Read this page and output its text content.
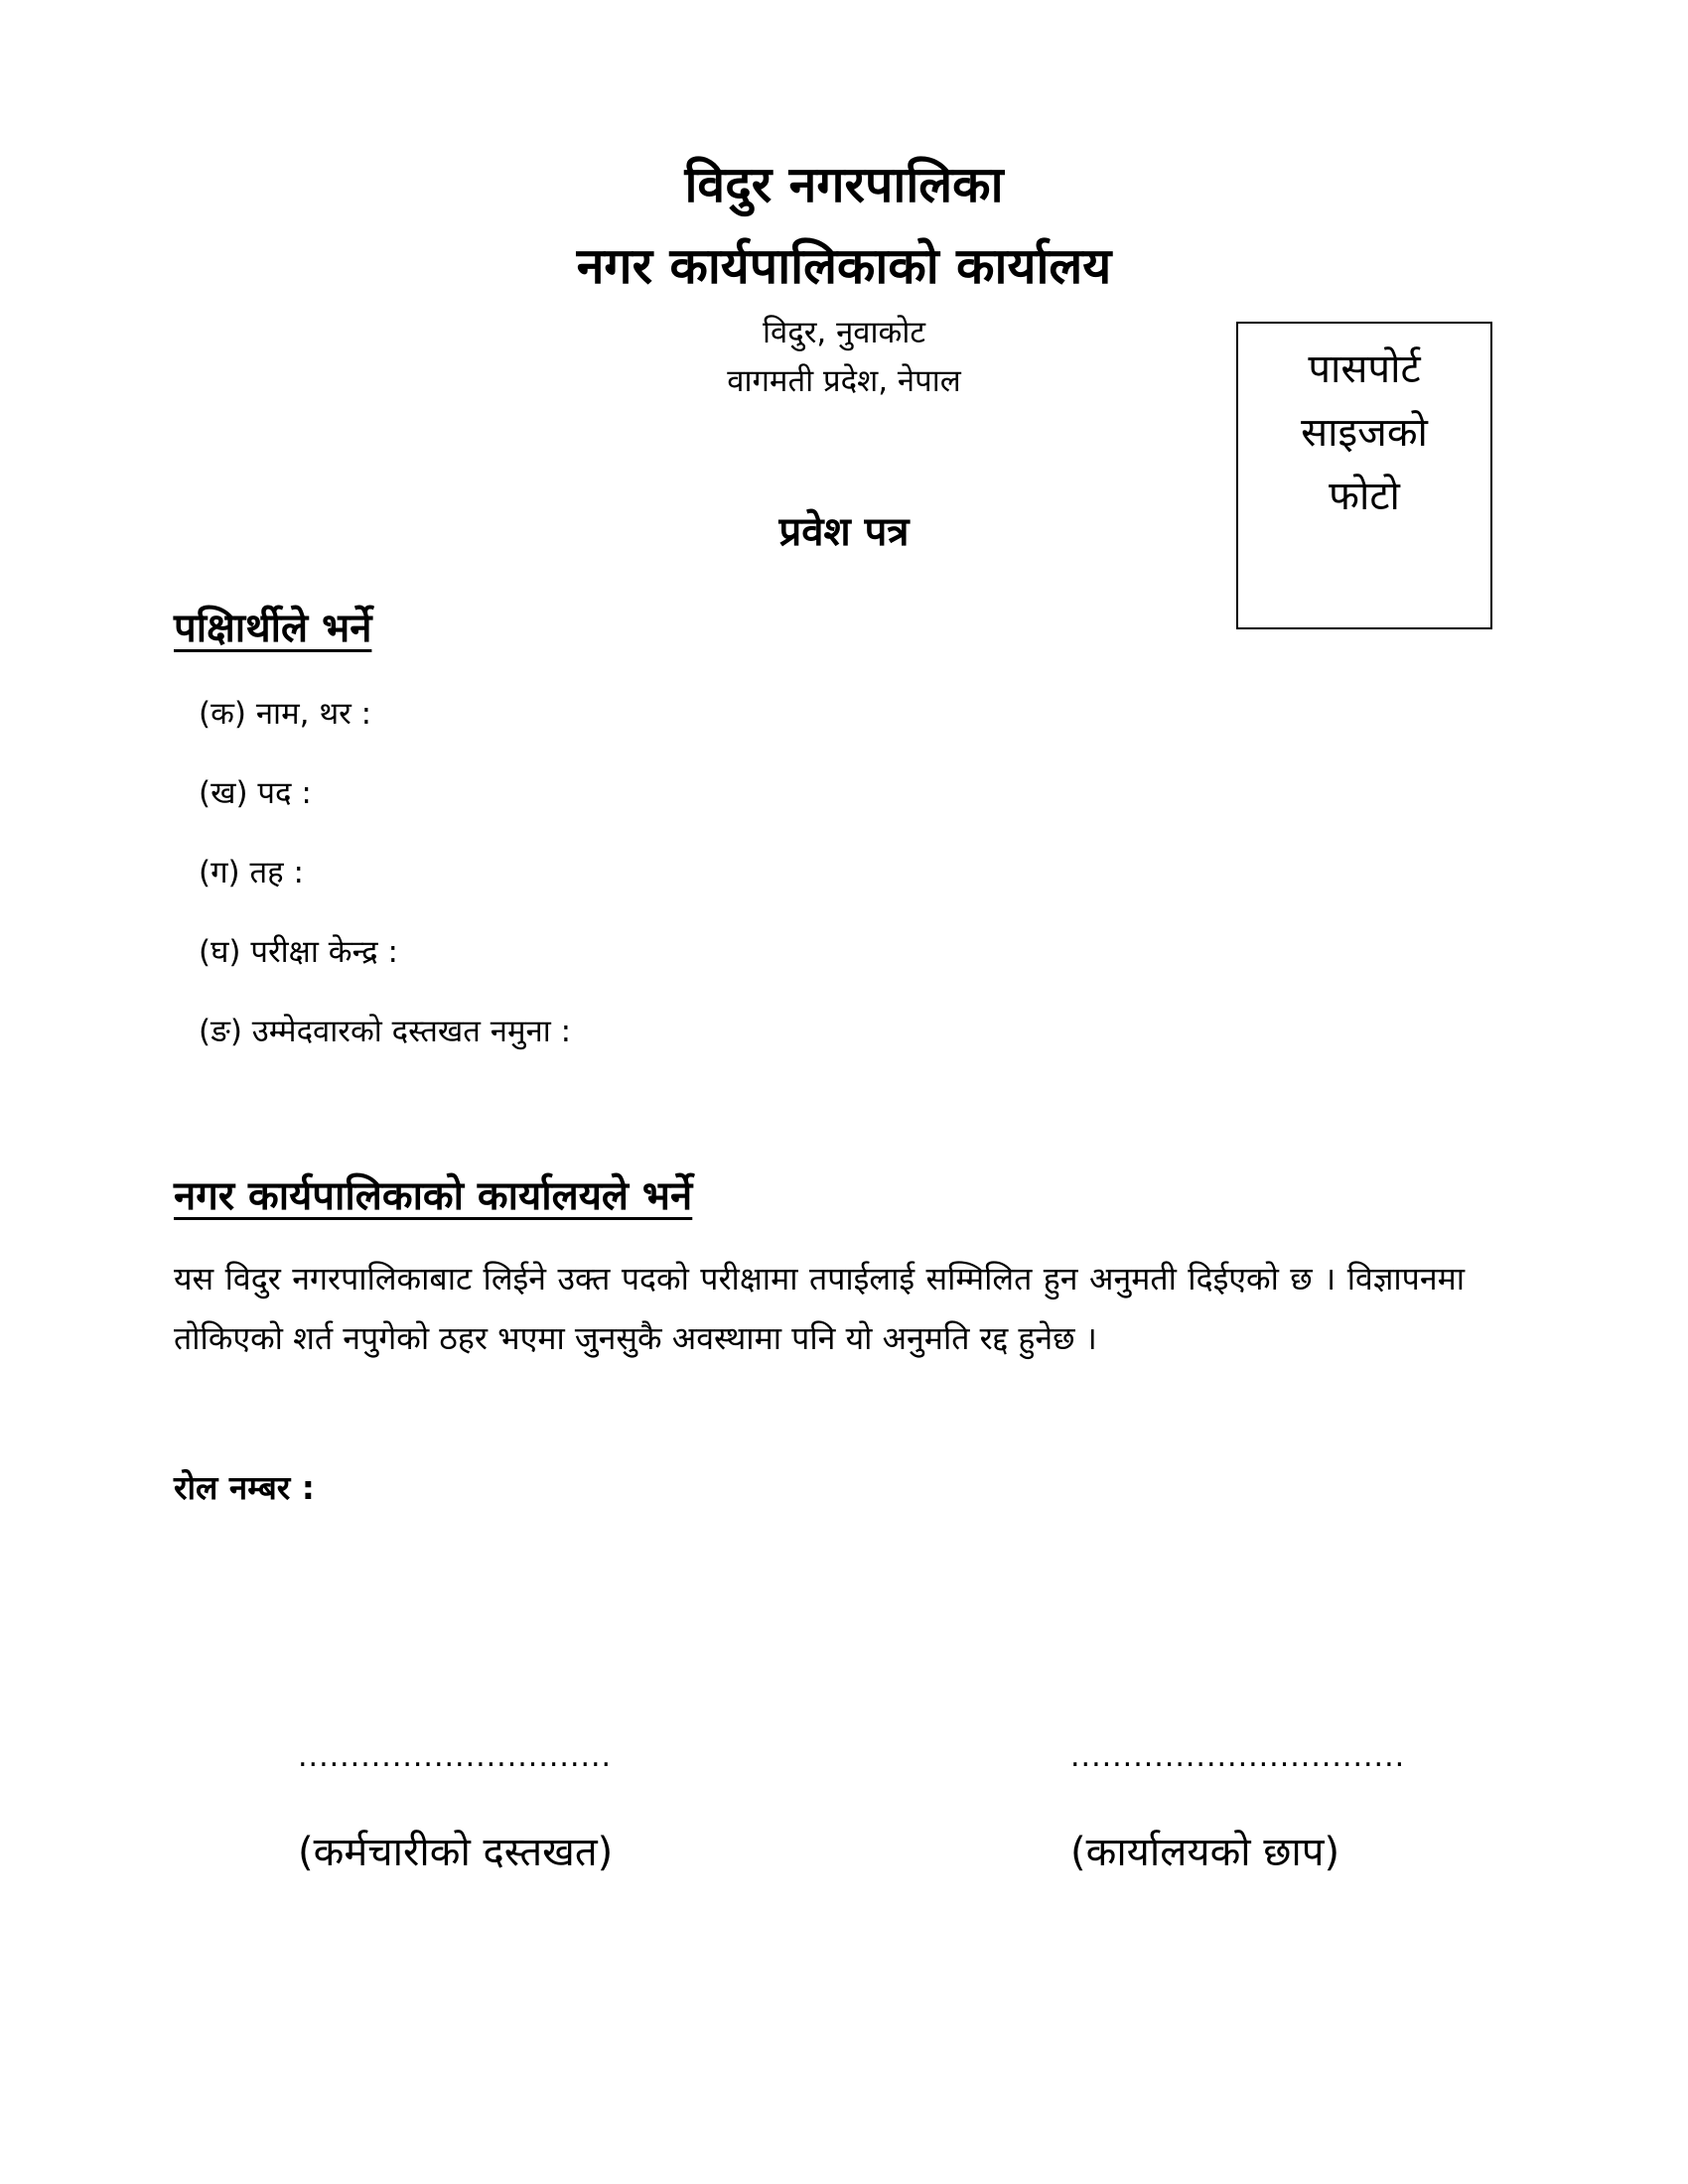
विदुर नगरपालिका
नगर कार्यपालिकाको कार्यालय
विदुर, नुवाकोट
वागमती प्रदेश, नेपाल	पासपोर्ट
साइजको
फोटो
प्रवेश पत्र
पक्षिार्थीले भर्ने
(क) नाम, थर :
(ख) पद :
(ग) तह :
(घ) परीक्षा केन्द्र :
(ङ) उम्मेदवारको दस्तखत नमुना :
नगर कार्यपालिकाको कार्यालयले भर्ने
यस विदुर नगरपालिकाबाट लिईने उक्त पदको परीक्षामा तपाईलाई सम्मिलित हुन अनुमती दिईएको छ । विज्ञापनमा तोकिएको शर्त नपुगेको ठहर भएमा जुनसुकै अवस्थामा पनि यो अनुमति रद्द हुनेछ ।
रोल नम्बर :
..............................	................................
(कर्मचारीको दस्तखत)	(कार्यालयको छाप)
